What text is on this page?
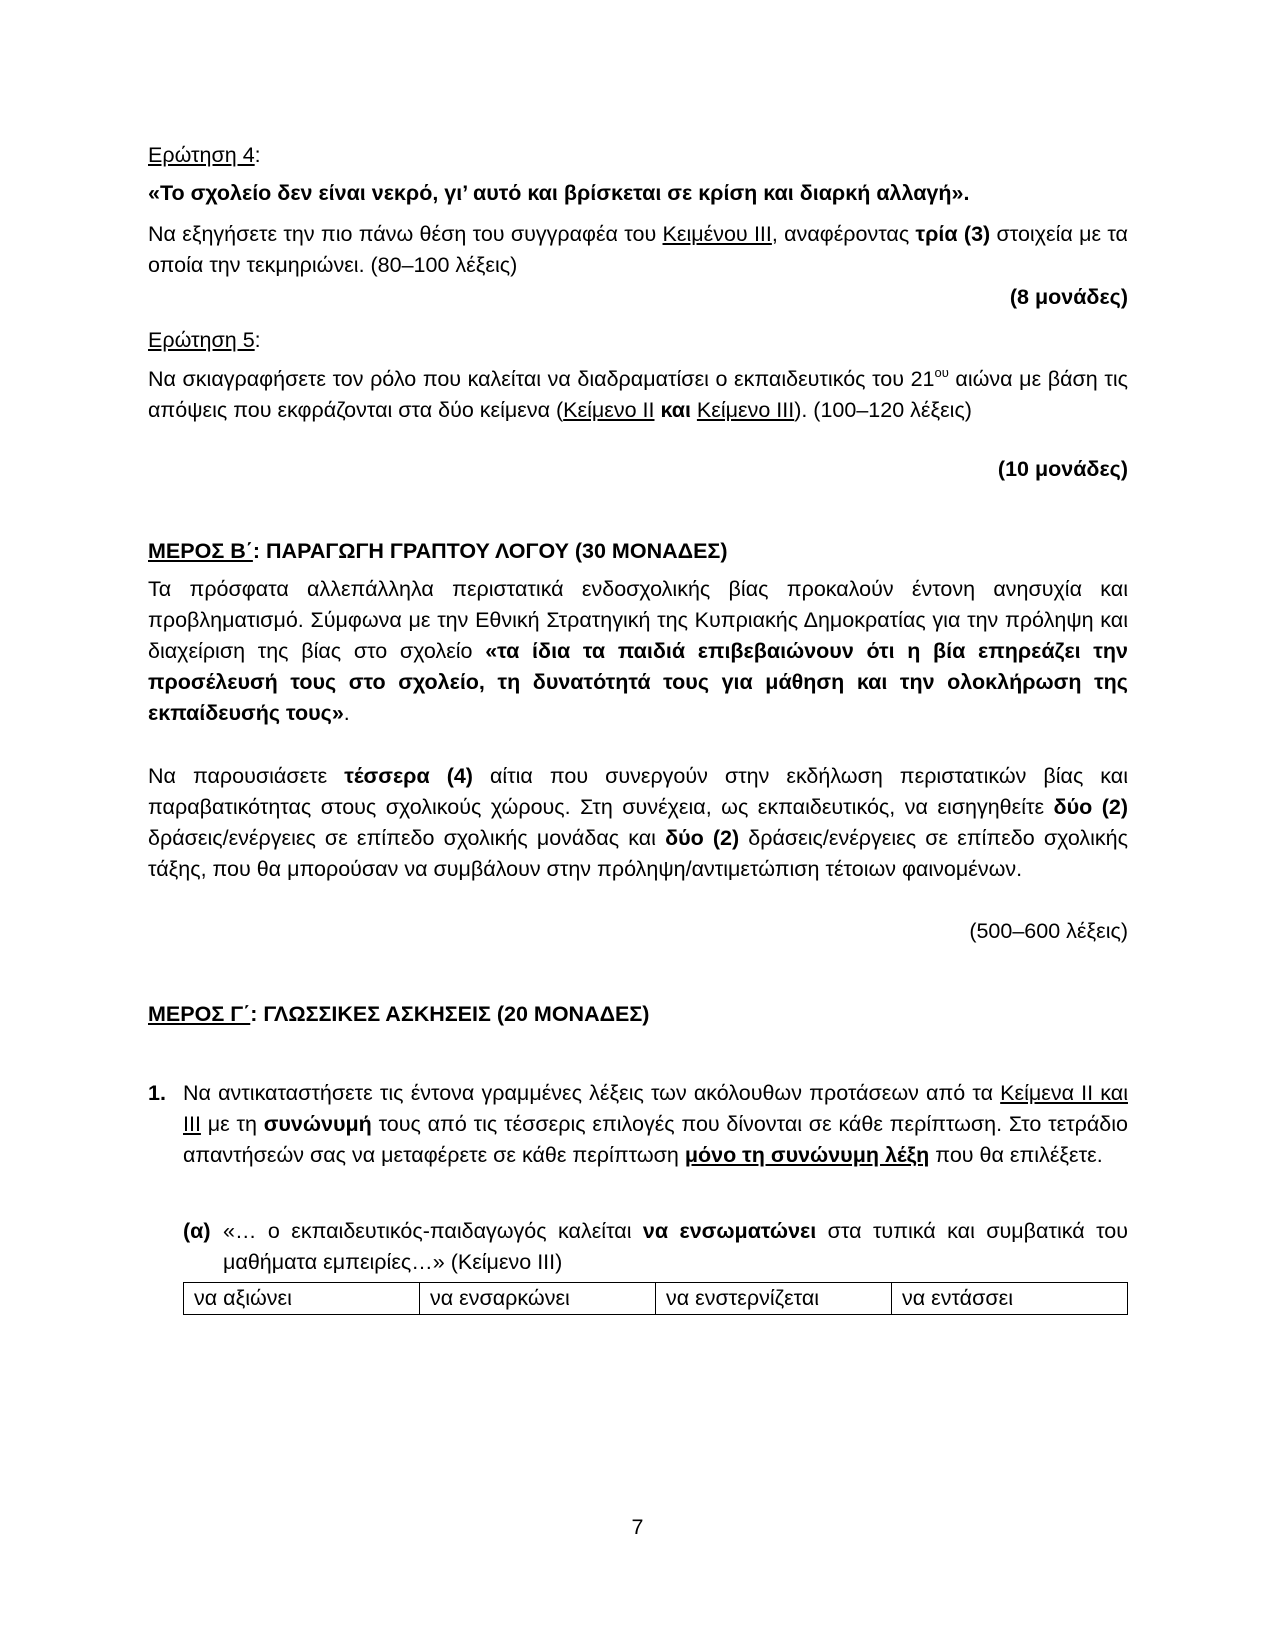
Ερώτηση 4:
«Το σχολείο δεν είναι νεκρό, γι’ αυτό και βρίσκεται σε κρίση και διαρκή αλλαγή».
Να εξηγήσετε την πιο πάνω θέση του συγγραφέα του Κειμένου ΙΙΙ, αναφέροντας τρία (3) στοιχεία με τα οποία την τεκμηριώνει. (80–100 λέξεις)
(8 μονάδες)
Ερώτηση 5:
Να σκιαγραφήσετε τον ρόλο που καλείται να διαδραματίσει ο εκπαιδευτικός του $21^{o\upsilon}$ αιώνα με βάση τις απόψεις που εκφράζονται στα δύο κείμενα (Κείμενο ΙΙ και Κείμενο ΙΙΙ). (100–120 λέξεις)
(10 μονάδες)
ΜΕΡΟΣ Β΄: ΠΑΡΑΓΩΓΗ ΓΡΑΠΤΟΥ ΛΟΓΟΥ (30 ΜΟΝΑΔΕΣ)
Τα πρόσφατα αλλεπάλληλα περιστατικά ενδοσχολικής βίας προκαλούν έντονη ανησυχία και προβληματισμό. Σύμφωνα με την Εθνική Στρατηγική της Κυπριακής Δημοκρατίας για την πρόληψη και διαχείριση της βίας στο σχολείο «τα ίδια τα παιδιά επιβεβαιώνουν ότι η βία επηρεάζει την προσέλευσή τους στο σχολείο, τη δυνατότητά τους για μάθηση και την ολοκλήρωση της εκπαίδευσής τους».
Να παρουσιάσετε τέσσερα (4) αίτια που συνεργούν στην εκδήλωση περιστατικών βίας και παραβατικότητας στους σχολικούς χώρους. Στη συνέχεια, ως εκπαιδευτικός, να εισηγηθείτε δύο (2) δράσεις/ενέργειες σε επίπεδο σχολικής μονάδας και δύο (2) δράσεις/ενέργειες σε επίπεδο σχολικής τάξης, που θα μπορούσαν να συμβάλουν στην πρόληψη/αντιμετώπιση τέτοιων φαινομένων.
(500–600 λέξεις)
ΜΕΡΟΣ Γ΄: ΓΛΩΣΣΙΚΕΣ ΑΣΚΗΣΕΙΣ (20 ΜΟΝΑΔΕΣ)
1. Να αντικαταστήσετε τις έντονα γραμμένες λέξεις των ακόλουθων προτάσεων από τα Κείμενα ΙΙ και ΙΙΙ με τη συνώνυμή τους από τις τέσσερις επιλογές που δίνονται σε κάθε περίπτωση. Στο τετράδιο απαντήσεών σας να μεταφέρετε σε κάθε περίπτωση μόνο τη συνώνυμη λέξη που θα επιλέξετε.
(α) «… ο εκπαιδευτικός-παιδαγωγός καλείται να ενσωματώνει στα τυπικά και συμβατικά του μαθήματα εμπειρίες…» (Κείμενο ΙΙΙ)
να αξιώνει	να ενσαρκώνει	να ενστερνίζεται	να εντάσσει
7
